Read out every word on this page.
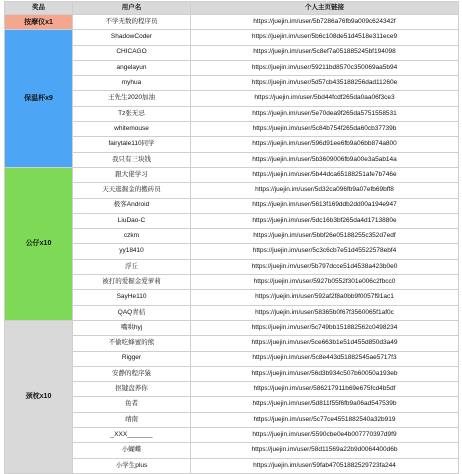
奖品	用户名	个人主页链接
按摩仪x1	不学无数的程序员	https://juejin.im/user/5b7286a76fb9a009c624342f
保温杯x9	ShadowCoder	https://juejin.im/user/5b6c108de51d4518e311ece9
	CHICAGO	https://juejin.im/user/5c8ef7a051885245bf194098
	angelayun	https://juejin.im/user/59211bd8570c350069aa5b94
	myhua	https://juejin.im/user/5d57cb435188256dad11260e
	王先生2020加油	https://juejin.im/user/5bd44fcdf265da0aa06f3ce3
	Tz张无忌	https://juejin.im/user/5e70dea9f265da5751558531
	whitemouse	https://juejin.im/user/5c84b754f265da60cb37739b
	fairytale110同学	https://juejin.im/user/596d91ee6fb9a06bb874a800
	我只有三块钱	https://juejin.im/user/5b3609006fb9a00e3a5ab14a
公仔x10	跟大佬学习	https://juejin.im/user/5b44dca65188251afe7b746e
	天天逛掘金的搬砖员	https://juejin.im/user/5d32ca096fb9a07efb69bff8
	极客Android	https://juejin.im/user/5613f169ddb2dd00a194e947
	LiuDao-C	https://juejin.im/user/5dc16b3bf265da4d1713880e
	czkm	https://juejin.im/user/5bbf26e05188255c352d7edf
	yy18410	https://juejin.im/user/5c3c6cb7e51d45522578ebf4
	浮丘	https://juejin.im/user/5b797dcce51d4538a423b0e0
	被打的爱掘金爱萝莉	https://juejin.im/user/5927b0552f301e006c2fbcc0
	SayHe110	https://juejin.im/user/592af2f8a0bb9f0057f91ac1
	QAQ青桔	https://juejin.im/user/58365b0f67f3560065f1af0c
颈枕x10	嘴哄hyj	https://juejin.im/user/5c749bb151882562c0498234
	不偷吃蜂蜜的熊	https://juejin.im/user/5ce663b1e51d455d850d3a49
	Rigger	https://juejin.im/user/5c8e443d51882545ae5717f3
	安静的程序猿	https://juejin.im/user/56d3b934c507b60050a193eb
	抠键盘养你	https://juejin.im/user/586217911b69e675fcd4b5df
	鱼者	https://juejin.im/user/5d811f55f6fb9a06ad547539b
	靖南	https://juejin.im/user/5c77ce4551882540a32b919
	_XXX_______	https://juejin.im/user/5590cbe0e4b007770397d9f9
	小蝴蝶	https://juejin.im/user/58d11569a22b9d0064400d6b
	小学生plus	https://juejin.im/user/59fab47051882529723fa244
